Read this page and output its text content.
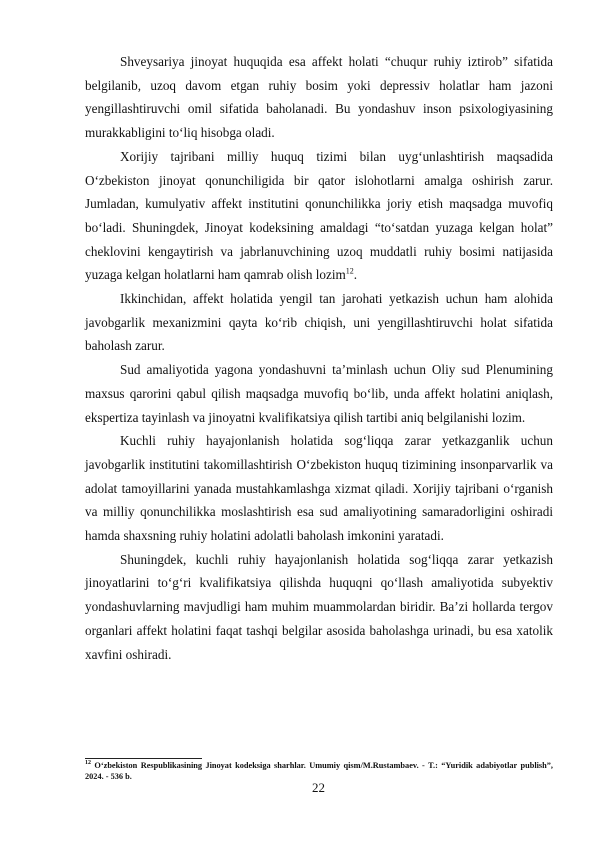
Shveysariya jinoyat huquqida esa affekt holati “chuqur ruhiy iztirob” sifatida belgilanib, uzoq davom etgan ruhiy bosim yoki depressiv holatlar ham jazoni yengillashtiruvchi omil sifatida baholanadi. Bu yondashuv inson psixologiyasining murakkabligini to‘liq hisobga oladi.

Xorijiy tajribani milliy huquq tizimi bilan uyg‘unlashtirish maqsadida O‘zbekiston jinoyat qonunchiligida bir qator islohotlarni amalga oshirish zarur. Jumladan, kumulyativ affekt institutini qonunchilikka joriy etish maqsadga muvofiq bo‘ladi. Shuningdek, Jinoyat kodeksining amaldagi “to‘satdan yuzaga kelgan holat” cheklovini kengaytirish va jabrlanuvchining uzoq muddatli ruhiy bosimi natijasida yuzaga kelgan holatlarni ham qamrab olish lozim$^{12}$.

Ikkinchidan, affekt holatida yengil tan jarohati yetkazish uchun ham alohida javobgarlik mexanizmini qayta ko‘rib chiqish, uni yengillashtiruvchi holat sifatida baholash zarur.

Sud amaliyotida yagona yondashuvni ta’minlash uchun Oliy sud Plenumining maxsus qarorini qabul qilish maqsadga muvofiq bo‘lib, unda affekt holatini aniqlash, ekspertiza tayinlash va jinoyatni kvalifikatsiya qilish tartibi aniq belgilanishi lozim.

Kuchli ruhiy hayajonlanish holatida sog‘liqqa zarar yetkazganlik uchun javobgarlik institutini takomillashtirish O‘zbekiston huquq tizimining insonparvarlik va adolat tamoyillarini yanada mustahkamlashga xizmat qiladi. Xorijiy tajribani o‘rganish va milliy qonunchilikka moslashtirish esa sud amaliyotining samaradorligini oshiradi hamda shaxsning ruhiy holatini adolatli baholash imkonini yaratadi.

Shuningdek, kuchli ruhiy hayajonlanish holatida sog‘liqqa zarar yetkazish jinoyatlarini to‘g‘ri kvalifikatsiya qilishda huquqni qo‘llash amaliyotida subyektiv yondashuvlarning mavjudligi ham muhim muammolardan biridir. Ba’zi hollarda tergov organlari affekt holatini faqat tashqi belgilar asosida baholashga urinadi, bu esa xatolik xavfini oshiradi.

$^{12}$ O‘zbekiston Respublikasining Jinoyat kodeksiga sharhlar. Umumiy qism/M.Rustambaev. - T.: “Yuridik adabiyotlar publish”, 2024. - 536 b.
22
